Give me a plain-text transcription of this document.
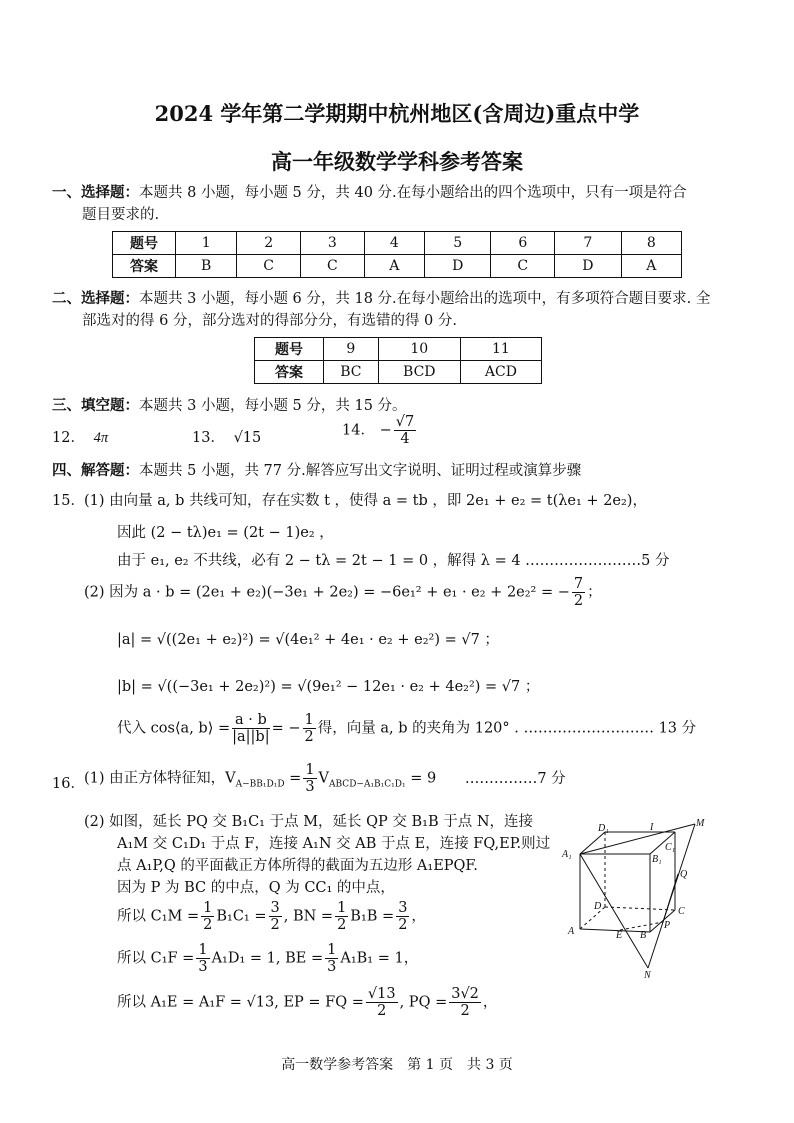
2024 学年第二学期期中杭州地区(含周边)重点中学
高一年级数学学科参考答案
一、选择题：本题共 8 小题，每小题 5 分，共 40 分.在每小题给出的四个选项中，只有一项是符合
题目要求的.
题号	1	2	3	4	5	6	7	8
答案	B	C	C	A	D	C	D	A
二、选择题：本题共 3 小题，每小题 6 分，共 18 分.在每小题给出的选项中，有多项符合题目要求. 全
部选对的得 6 分，部分选对的得部分分，有选错的得 0 分.
题号	9	10	11
答案	BC	BCD	ACD
三、填空题：本题共 3 小题，每小题 5 分，共 15 分。
12． 4π	13． √15	14． − $\frac{√7}{4}$
四、解答题：本题共 5 小题，共 77 分.解答应写出文字说明、证明过程或演算步骤
15． (1) 由向量 a, b 共线可知，存在实数 t ，使得 a = tb ，即 2e₁ + e₂ = t(λe₁ + 2e₂)，
因此 (2 − tλ)e₁ = (2t − 1)e₂ ，
由于 e₁, e₂ 不共线，必有 2 − tλ = 2t − 1 = 0 ，解得 λ = 4 ……………………5 分
(2) 因为 a · b = (2e₁ + e₂)(−3e₁ + 2e₂) = −6e₁² + e₁ · e₂ + 2e₂² = − $\frac{7}{2}$ ；
|a| = √((2e₁ + e₂)²) = √(4e₁² + 4e₁ · e₂ + e₂²) = √7 ；
|b| = √((−3e₁ + 2e₂)²) = √(9e₁² − 12e₁ · e₂ + 4e₂²) = √7 ；
代入 cos⟨a, b⟩ = $\frac{a \cdot b}{|a||b|}$ = − $\frac{1}{2}$ 得，向量 a, b 的夹角为 120° . ……………………… 13 分
16． (1) 由正方体特征知，$V_{A-BB_1D_1D} = \frac{1}{3} V_{ABCD-A_1B_1C_1D_1} = 9$ ……………7 分
(2) 如图，延长 PQ 交 B₁C₁ 于点 M，延长 QP 交 B₁B 于点 N，连接
A₁M 交 C₁D₁ 于点 F，连接 A₁N 交 AB 于点 E，连接 FQ,EP.则过
点 A₁P,Q 的平面截正方体所得的截面为五边形 A₁EPQF.
因为 P 为 BC 的中点，Q 为 CC₁ 的中点，
所以 $C_1M = \frac{1}{2} B_1C_1 = \frac{3}{2}$ , BN = $\frac{1}{2} B_1B = \frac{3}{2}$ ，
所以 $C_1F = \frac{1}{3} A_1D_1 = 1$, BE = $\frac{1}{3} A_1B_1 = 1$，
所以 A₁E = A₁F = √13, EP = FQ = $\frac{√13}{2}$ , PQ = $\frac{3√2}{2}$ ，
D₁	I	M
A₁	B₁
C₁
Q
D	C
A	E B
P
N
高一数学参考答案　第 1 页　共 3 页
